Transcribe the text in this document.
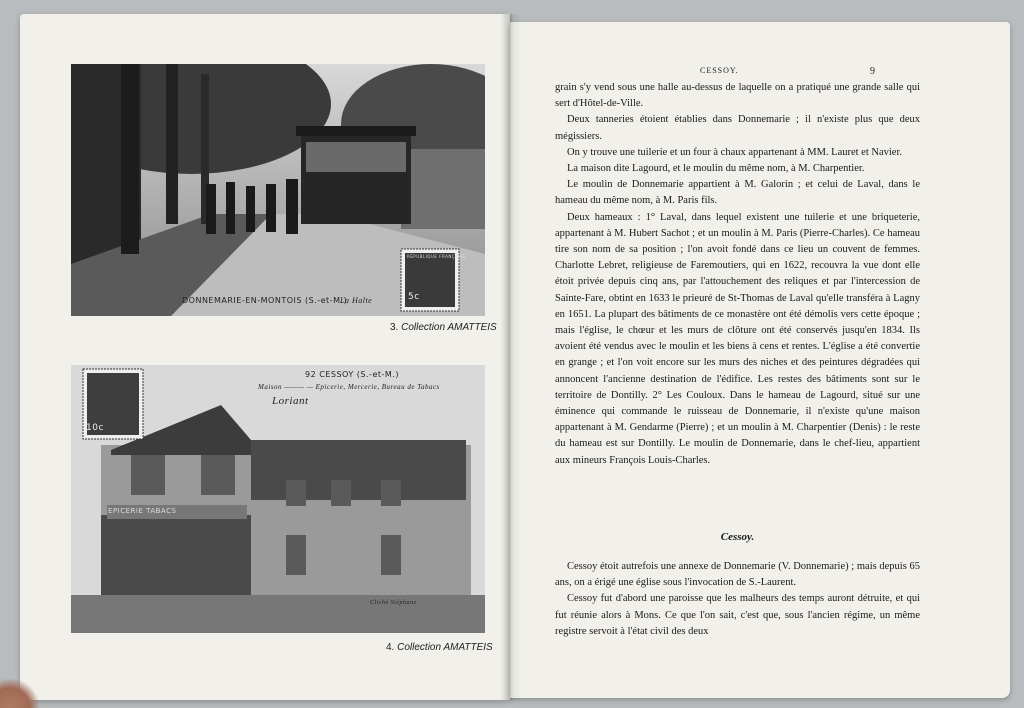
DONNEMARIE-EN-MONTOIS (S.-et-M.)
La Halte	5c
RÉPUBLIQUE FRANÇAISE
3. Collection AMATTEIS
92 CESSOY (S.-et-M.)
Maison ——— — Epicerie, Mercerie, Bureau de Tabacs
Loriant
EPICERIE TABACS
10c
Cliché Stéphane
4. Collection AMATTEIS
CESSOY.	9

grain s'y vend sous une halle au-dessus de laquelle on a pratiqué une grande salle qui sert d'Hôtel-de-Ville.

Deux tanneries étoient établies dans Donnemarie ; il n'existe plus que deux mégissiers.

On y trouve une tuilerie et un four à chaux appartenant à MM. Lauret et Navier.

La maison dite Lagourd, et le moulin du même nom, à M. Charpentier.

Le moulin de Donnemarie appartient à M. Galorin ; et celui de Laval, dans le hameau du même nom, à M. Paris fils.

Deux hameaux : 1° Laval, dans lequel existent une tuilerie et une briqueterie, appartenant à M. Hubert Sachot ; et un moulin à M. Paris (Pierre-Charles). Ce hameau tire son nom de sa position ; l'on avoit fondé dans ce lieu un couvent de femmes. Charlotte Lebret, religieuse de Faremoutiers, qui en 1622, recouvra la vue dont elle étoit privée depuis cinq ans, par l'attouchement des reliques et par l'intercession de Sainte-Fare, obtint en 1633 le prieuré de St-Thomas de Laval qu'elle transféra à Lagny en 1651. La plupart des bâtiments de ce monastère ont été démolis vers cette époque ; mais l'église, le chœur et les murs de clôture ont été conservés jusqu'en 1834. Ils avoient été vendus avec le moulin et les biens à cens et rentes. L'église a été convertie en grange ; et l'on voit encore sur les murs des niches et des peintures dégradées qui annoncent l'ancienne destination de l'édifice. Les restes des bâtiments sont sur le territoire de Dontilly. 2° Les Couloux. Dans le hameau de Lagourd, situé sur une éminence qui commande le ruisseau de Donnemarie, il n'existe qu'une maison appartenant à M. Gendarme (Pierre) ; et un moulin à M. Charpentier (Denis) : le reste du hameau est sur Dontilly. Le moulin de Donnemarie, dans le chef-lieu, appartient aux mineurs François Louis-Charles.

Cessoy.

Cessoy étoit autrefois une annexe de Donnemarie (V. Donnemarie) ; mais depuis 65 ans, on a érigé une église sous l'invocation de S.-Laurent.

Cessoy fut d'abord une paroisse que les malheurs des temps auront détruite, et qui fut réunie alors à Mons. Ce que l'on sait, c'est que, sous l'ancien régime, un même registre servoit à l'état civil des deux
